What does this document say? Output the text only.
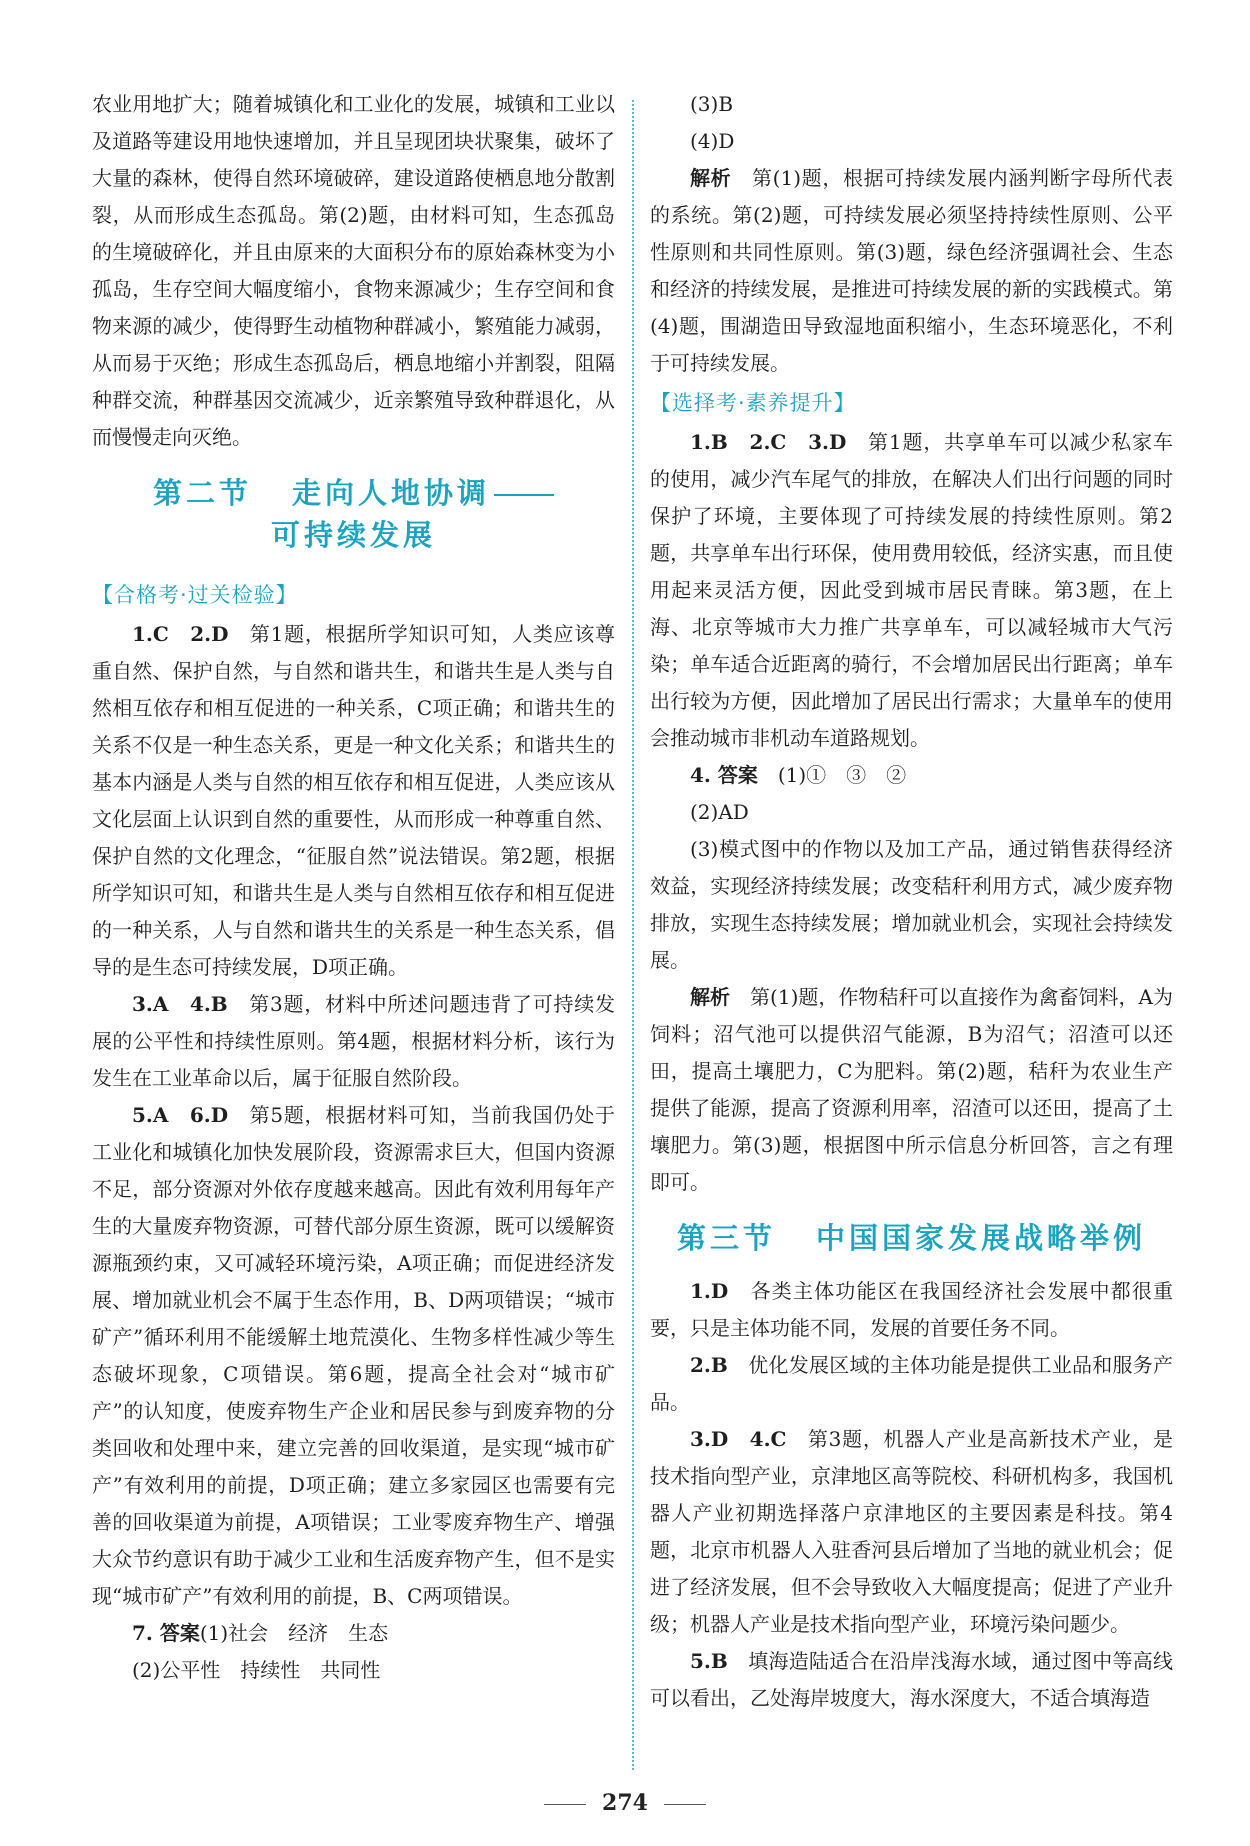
农业用地扩大；随着城镇化和工业化的发展，城镇和工业以及道路等建设用地快速增加，并且呈现团块状聚集，破坏了大量的森林，使得自然环境破碎，建设道路使栖息地分散割裂，从而形成生态孤岛。第(2)题，由材料可知，生态孤岛的生境破碎化，并且由原来的大面积分布的原始森林变为小孤岛，生存空间大幅度缩小，食物来源减少；生存空间和食物来源的减少，使得野生动植物种群减小，繁殖能力减弱，从而易于灭绝；形成生态孤岛后，栖息地缩小并割裂，阻隔种群交流，种群基因交流减少，近亲繁殖导致种群退化，从而慢慢走向灭绝。

第二节 走向人地协调
可持续发展
【合格考·过关检验】

1.C　2.D　第1题，根据所学知识可知，人类应该尊重自然、保护自然，与自然和谐共生，和谐共生是人类与自然相互依存和相互促进的一种关系，C项正确；和谐共生的关系不仅是一种生态关系，更是一种文化关系；和谐共生的基本内涵是人类与自然的相互依存和相互促进，人类应该从文化层面上认识到自然的重要性，从而形成一种尊重自然、保护自然的文化理念，“征服自然”说法错误。第2题，根据所学知识可知，和谐共生是人类与自然相互依存和相互促进的一种关系，人与自然和谐共生的关系是一种生态关系，倡导的是生态可持续发展，D项正确。

3.A　4.B　第3题，材料中所述问题违背了可持续发展的公平性和持续性原则。第4题，根据材料分析，该行为发生在工业革命以后，属于征服自然阶段。

5.A　6.D　第5题，根据材料可知，当前我国仍处于工业化和城镇化加快发展阶段，资源需求巨大，但国内资源不足，部分资源对外依存度越来越高。因此有效利用每年产生的大量废弃物资源，可替代部分原生资源，既可以缓解资源瓶颈约束，又可减轻环境污染，A项正确；而促进经济发展、增加就业机会不属于生态作用，B、D两项错误；“城市矿产”循环利用不能缓解土地荒漠化、生物多样性减少等生态破坏现象，C项错误。第6题，提高全社会对“城市矿产”的认知度，使废弃物生产企业和居民参与到废弃物的分类回收和处理中来，建立完善的回收渠道，是实现“城市矿产”有效利用的前提，D项正确；建立多家园区也需要有完善的回收渠道为前提，A项错误；工业零废弃物生产、增强大众节约意识有助于减少工业和生活废弃物产生，但不是实现“城市矿产”有效利用的前提，B、C两项错误。

7. 答案(1)社会　经济　生态

(2)公平性　持续性　共同性

(3)B

(4)D

解析　 第(1)题，根据可持续发展内涵判断字母所代表的系统。第(2)题，可持续发展必须坚持持续性原则、公平性原则和共同性原则。第(3)题，绿色经济强调社会、生态和经济的持续发展，是推进可持续发展的新的实践模式。第(4)题，围湖造田导致湿地面积缩小，生态环境恶化，不利于可持续发展。

【选择考·素养提升】

1.B　2.C　3.D　第1题，共享单车可以减少私家车的使用，减少汽车尾气的排放，在解决人们出行问题的同时保护了环境，主要体现了可持续发展的持续性原则。第2题，共享单车出行环保，使用费用较低，经济实惠，而且使用起来灵活方便，因此受到城市居民青睐。第3题，在上海、北京等城市大力推广共享单车，可以减轻城市大气污染；单车适合近距离的骑行，不会增加居民出行距离；单车出行较为方便，因此增加了居民出行需求；大量单车的使用会推动城市非机动车道路规划。

4. 答案　 (1)①　③　②

(2)AD

(3)模式图中的作物以及加工产品，通过销售获得经济效益，实现经济持续发展；改变秸秆利用方式，减少废弃物排放，实现生态持续发展；增加就业机会，实现社会持续发展。

解析　 第(1)题，作物秸秆可以直接作为禽畜饲料，A为饲料；沼气池可以提供沼气能源，B为沼气；沼渣可以还田，提高土壤肥力，C为肥料。第(2)题，秸秆为农业生产提供了能源，提高了资源利用率，沼渣可以还田，提高了土壤肥力。第(3)题，根据图中所示信息分析回答，言之有理即可。

第三节 中国国家发展战略举例

1.D　各类主体功能区在我国经济社会发展中都很重要，只是主体功能不同，发展的首要任务不同。

2.B　优化发展区域的主体功能是提供工业品和服务产品。

3.D　4.C　第3题，机器人产业是高新技术产业，是技术指向型产业，京津地区高等院校、科研机构多，我国机器人产业初期选择落户京津地区的主要因素是科技。第4题，北京市机器人入驻香河县后增加了当地的就业机会；促进了经济发展，但不会导致收入大幅度提高；促进了产业升级；机器人产业是技术指向型产业，环境污染问题少。

5.B　填海造陆适合在沿岸浅海水域，通过图中等高线可以看出，乙处海岸坡度大，海水深度大，不适合填海造

274
